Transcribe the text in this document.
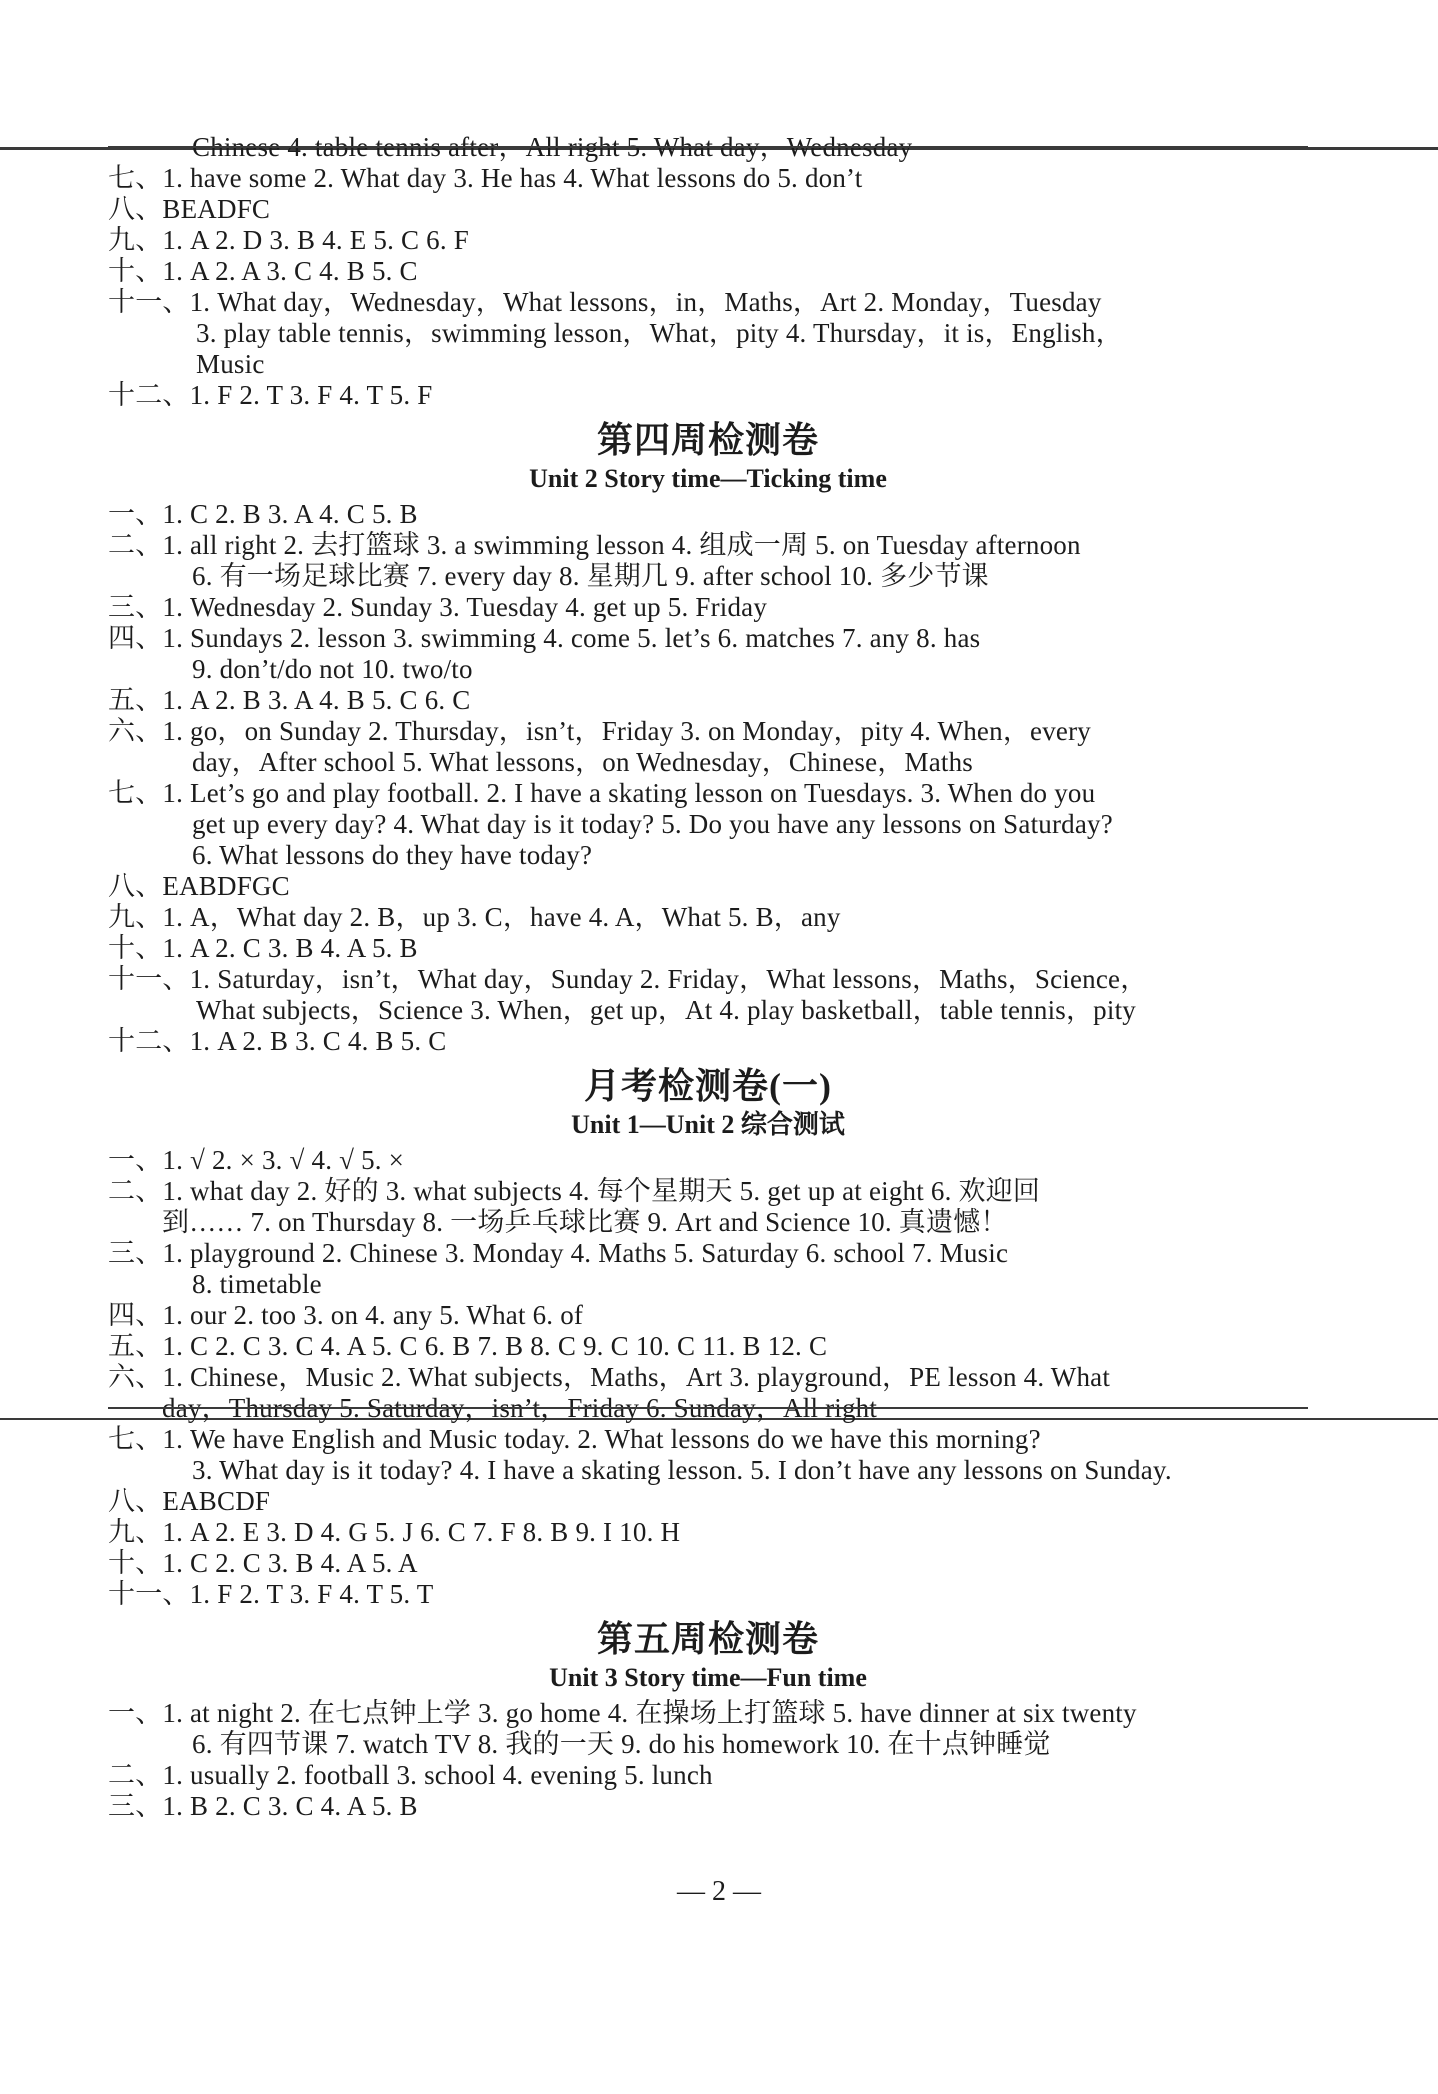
Chinese 4. table tennis after，All right 5. What day，Wednesday

七、1. have some 2. What day 3. He has 4. What lessons do 5. don’t

八、BEADFC

九、1. A 2. D 3. B 4. E 5. C 6. F

十、1. A 2. A 3. C 4. B 5. C

十一、1. What day，Wednesday，What lessons，in，Maths，Art 2. Monday，Tuesday

3. play table tennis，swimming lesson，What，pity 4. Thursday，it is，English，

Music

十二、1. F 2. T 3. F 4. T 5. F

第四周检测卷
Unit 2 Story time—Ticking time

一、1. C 2. B 3. A 4. C 5. B

二、1. all right 2. 去打篮球 3. a swimming lesson 4. 组成一周 5. on Tuesday afternoon

6. 有一场足球比赛 7. every day 8. 星期几 9. after school 10. 多少节课

三、1. Wednesday 2. Sunday 3. Tuesday 4. get up 5. Friday

四、1. Sundays 2. lesson 3. swimming 4. come 5. let’s 6. matches 7. any 8. has

9. don’t/do not 10. two/to

五、1. A 2. B 3. A 4. B 5. C 6. C

六、1. go，on Sunday 2. Thursday，isn’t，Friday 3. on Monday，pity 4. When，every

day，After school 5. What lessons，on Wednesday，Chinese，Maths

七、1. Let’s go and play football. 2. I have a skating lesson on Tuesdays. 3. When do you

get up every day? 4. What day is it today? 5. Do you have any lessons on Saturday?

6. What lessons do they have today?

八、EABDFGC

九、1. A，What day 2. B，up 3. C，have 4. A，What 5. B，any

十、1. A 2. C 3. B 4. A 5. B

十一、1. Saturday，isn’t，What day，Sunday 2. Friday，What lessons，Maths，Science，

What subjects，Science 3. When，get up，At 4. play basketball，table tennis，pity

十二、1. A 2. B 3. C 4. B 5. C

月考检测卷(一)
Unit 1—Unit 2 综合测试

一、1. √ 2. × 3. √ 4. √ 5. ×

二、1. what day 2. 好的 3. what subjects 4. 每个星期天 5. get up at eight 6. 欢迎回

到…… 7. on Thursday 8. 一场乒乓球比赛 9. Art and Science 10. 真遗憾！

三、1. playground 2. Chinese 3. Monday 4. Maths 5. Saturday 6. school 7. Music

8. timetable

四、1. our 2. too 3. on 4. any 5. What 6. of

五、1. C 2. C 3. C 4. A 5. C 6. B 7. B 8. C 9. C 10. C 11. B 12. C

六、1. Chinese，Music 2. What subjects，Maths，Art 3. playground，PE lesson 4. What

day，Thursday 5. Saturday，isn’t，Friday 6. Sunday，All right

七、1. We have English and Music today. 2. What lessons do we have this morning?

3. What day is it today? 4. I have a skating lesson. 5. I don’t have any lessons on Sunday.

八、EABCDF

九、1. A 2. E 3. D 4. G 5. J 6. C 7. F 8. B 9. I 10. H

十、1. C 2. C 3. B 4. A 5. A

十一、1. F 2. T 3. F 4. T 5. T

第五周检测卷
Unit 3 Story time—Fun time

一、1. at night 2. 在七点钟上学 3. go home 4. 在操场上打篮球 5. have dinner at six twenty

6. 有四节课 7. watch TV 8. 我的一天 9. do his homework 10. 在十点钟睡觉

二、1. usually 2. football 3. school 4. evening 5. lunch

三、1. B 2. C 3. C 4. A 5. B

— 2 —
